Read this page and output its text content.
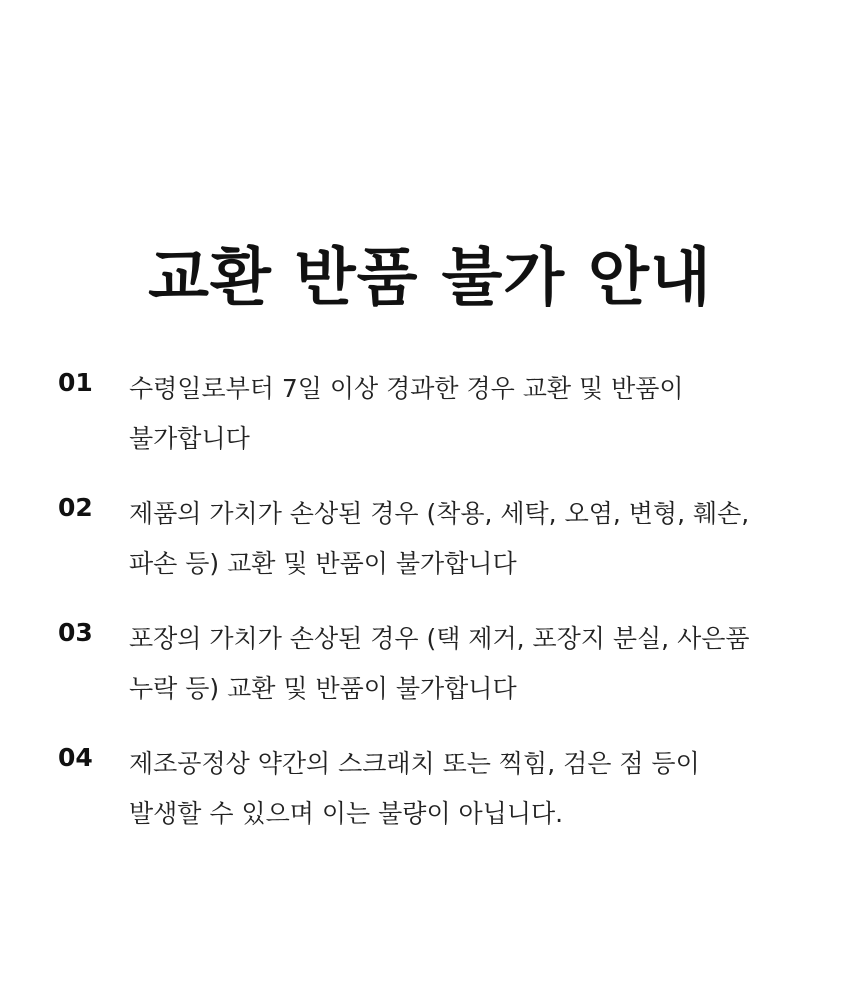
교환 반품 불가 안내
01	수령일로부터 7일 이상 경과한 경우 교환 및 반품이
불가합니다
02	제품의 가치가 손상된 경우 (착용, 세탁, 오염, 변형, 훼손,
파손 등) 교환 및 반품이 불가합니다
03	포장의 가치가 손상된 경우 (택 제거, 포장지 분실, 사은품
누락 등) 교환 및 반품이 불가합니다
04	제조공정상 약간의 스크래치 또는 찍힘, 검은 점 등이
발생할 수 있으며 이는 불량이 아닙니다.
